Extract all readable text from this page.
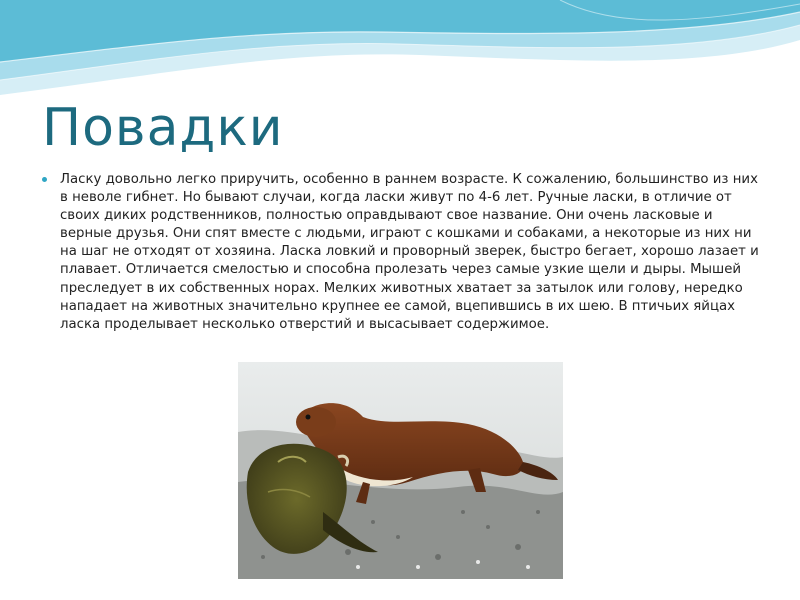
Повадки

Ласку довольно легко приручить, особенно в раннем возрасте. К сожалению, большинство из них в неволе гибнет. Но бывают случаи, когда ласки живут по 4-6 лет. Ручные ласки, в отличие от своих диких родственников, полностью оправдывают свое название. Они очень ласковые и верные друзья. Они спят вместе с людьми, играют с кошками и собаками, а некоторые из них ни на шаг не отходят от хозяина. Ласка ловкий и проворный зверек, быстро бегает, хорошо лазает и плавает. Отличается смелостью и способна пролезать через самые узкие щели и дыры. Мышей преследует в их собственных норах. Мелких животных хватает за затылок или голову, нередко нападает на животных значительно крупнее ее самой, вцепившись в их шею. В птичьих яйцах ласка проделывает несколько отверстий и высасывает содержимое.
